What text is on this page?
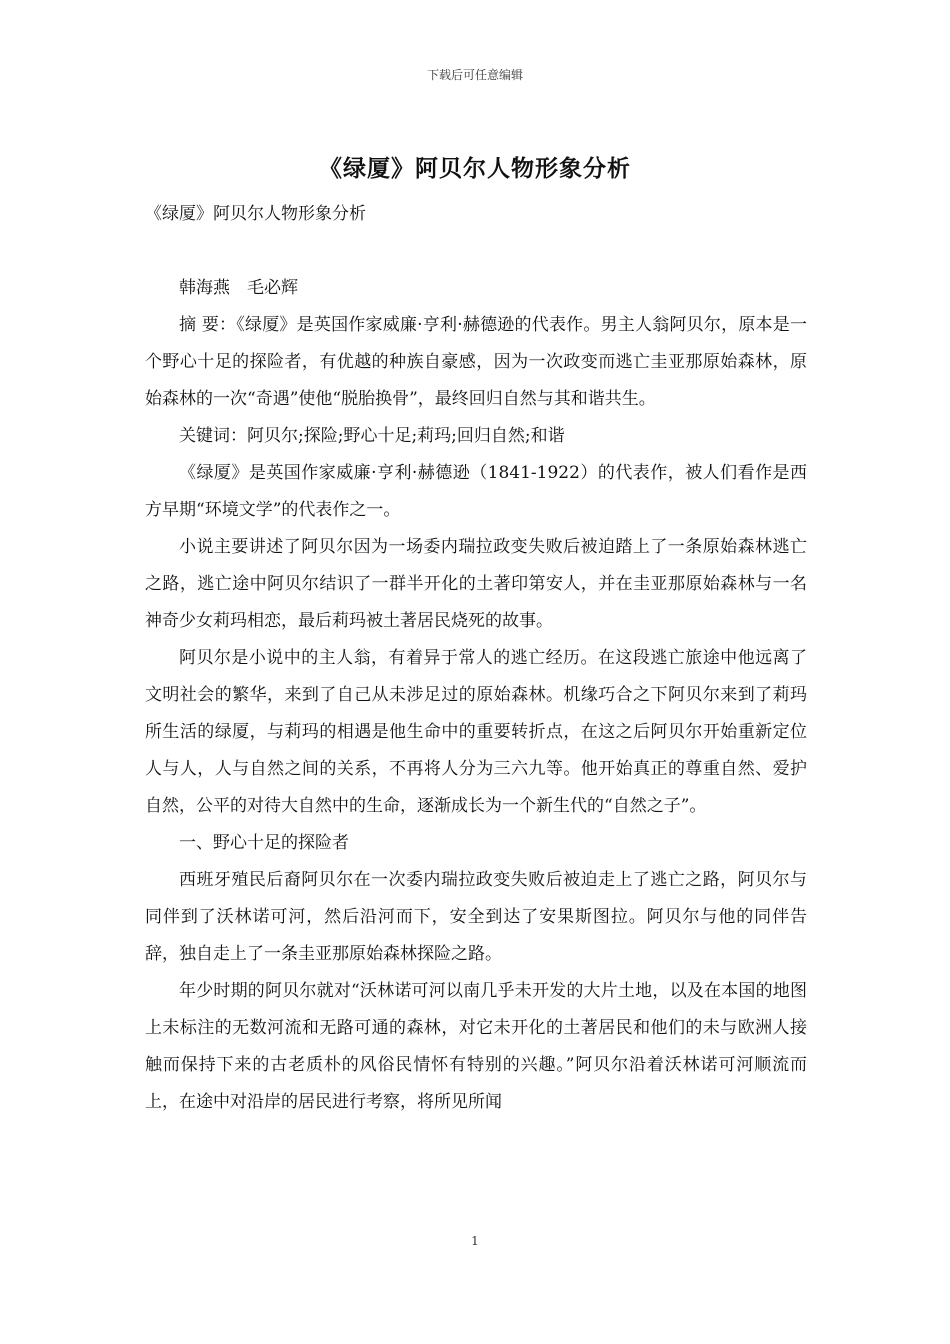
下载后可任意编辑
《绿厦》阿贝尔人物形象分析

《绿厦》阿贝尔人物形象分析

韩海燕　毛必辉

摘 要：《绿厦》是英国作家威廉·亨利·赫德逊的代表作。男主人翁阿贝尔，原本是一个野心十足的探险者，有优越的种族自豪感，因为一次政变而逃亡圭亚那原始森林，原始森林的一次“奇遇”使他“脱胎换骨”，最终回归自然与其和谐共生。

关键词：阿贝尔;探险;野心十足;莉玛;回归自然;和谐

《绿厦》是英国作家威廉·亨利·赫德逊（1841-1922）的代表作，被人们看作是西方早期“环境文学”的代表作之一。

小说主要讲述了阿贝尔因为一场委内瑞拉政变失败后被迫踏上了一条原始森林逃亡之路，逃亡途中阿贝尔结识了一群半开化的土著印第安人，并在圭亚那原始森林与一名神奇少女莉玛相恋，最后莉玛被土著居民烧死的故事。

阿贝尔是小说中的主人翁，有着异于常人的逃亡经历。在这段逃亡旅途中他远离了文明社会的繁华，来到了自己从未涉足过的原始森林。机缘巧合之下阿贝尔来到了莉玛所生活的绿厦，与莉玛的相遇是他生命中的重要转折点，在这之后阿贝尔开始重新定位人与人，人与自然之间的关系，不再将人分为三六九等。他开始真正的尊重自然、爱护自然，公平的对待大自然中的生命，逐渐成长为一个新生代的“自然之子”。

一、野心十足的探险者

西班牙殖民后裔阿贝尔在一次委内瑞拉政变失败后被迫走上了逃亡之路，阿贝尔与同伴到了沃林诺可河，然后沿河而下，安全到达了安果斯图拉。阿贝尔与他的同伴告辞，独自走上了一条圭亚那原始森林探险之路。

年少时期的阿贝尔就对“沃林诺可河以南几乎未开发的大片土地，以及在本国的地图上未标注的无数河流和无路可通的森林，对它未开化的土著居民和他们的未与欧洲人接触而保持下来的古老质朴的风俗民情怀有特别的兴趣。”阿贝尔沿着沃林诺可河顺流而上，在途中对沿岸的居民进行考察，将所见所闻

1
